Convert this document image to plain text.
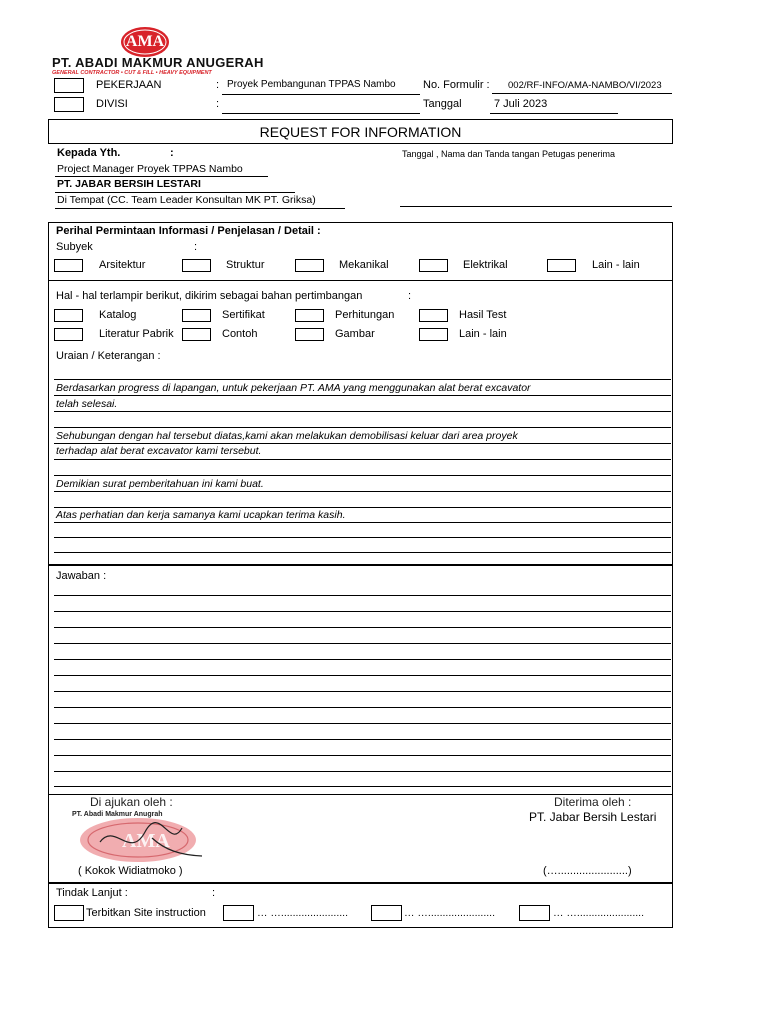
AMA
PT. ABADI MAKMUR ANUGERAH
GENERAL CONTRACTOR • CUT & FILL • HEAVY EQUIPMENT
PEKERJAAN	: Proyek Pembangunan TPPAS Nambo
DIVISI	:
No. Formulir : 002/RF-INFO/AMA-NAMBO/VI/2023
Tanggal	7 Juli 2023
REQUEST FOR INFORMATION
Kepada Yth.	:
Project Manager Proyek TPPAS Nambo
PT. JABAR BERSIH LESTARI
Di Tempat (CC. Team Leader Konsultan MK PT. Griksa)
Tanggal , Nama dan Tanda tangan Petugas penerima
Perihal Permintaan Informasi / Penjelasan / Detail :
Subyek	:
Arsitektur	Struktur	Mekanikal	Elektrikal	Lain - lain
Hal - hal terlampir berikut, dikirim sebagai bahan pertimbangan	:
Katalog	Sertifikat	Perhitungan	Hasil Test
Literatur Pabrik	Contoh	Gambar	Lain - lain
Uraian / Keterangan :
Berdasarkan progress di lapangan, untuk pekerjaan PT. AMA yang menggunakan alat berat excavator
telah selesai.
Sehubungan dengan hal tersebut diatas,kami akan melakukan demobilisasi keluar dari area proyek
terhadap alat berat excavator kami tersebut.
Demikian surat pemberitahuan ini kami buat.
Atas perhatian dan kerja samanya kami ucapkan terima kasih.
Jawaban :
Di ajukan oleh :
AMA
PT. Abadi Makmur Anugrah
( Kokok Widiatmoko )
Diterima oleh :
PT. Jabar Bersih Lestari
(….......................)
Tindak Lanjut :	:
Terbitkan Site instruction	… ….......................	… ….......................	… ….......................
